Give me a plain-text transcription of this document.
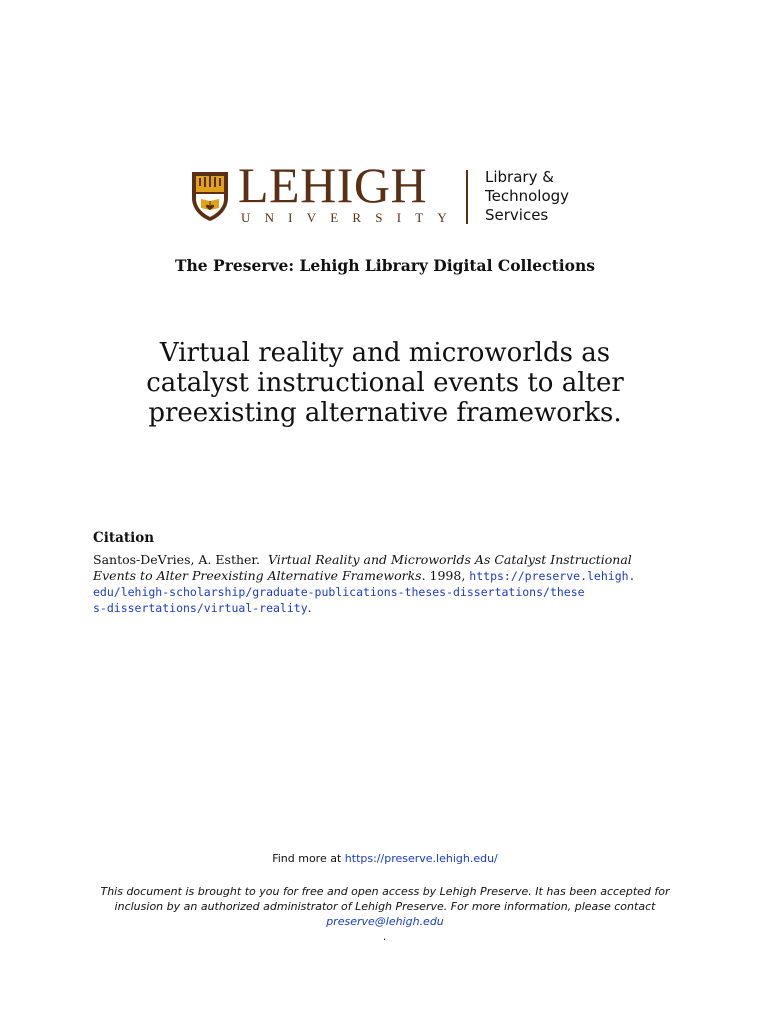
LEHIGH
UNIVERSITY
Library &
Technology
Services
The Preserve: Lehigh Library Digital Collections
Virtual reality and microworlds as
catalyst instructional events to alter
preexisting alternative frameworks.
Citation
Santos-DeVries, A. Esther. Virtual Reality and Microworlds As Catalyst Instructional
Events to Alter Preexisting Alternative Frameworks. 1998, https://preserve.lehigh.
edu/lehigh-scholarship/graduate-publications-theses-dissertations/these
s-dissertations/virtual-reality.
Find more at https://preserve.lehigh.edu/
This document is brought to you for free and open access by Lehigh Preserve. It has been accepted for
inclusion by an authorized administrator of Lehigh Preserve. For more information, please contact
preserve@lehigh.edu
.
